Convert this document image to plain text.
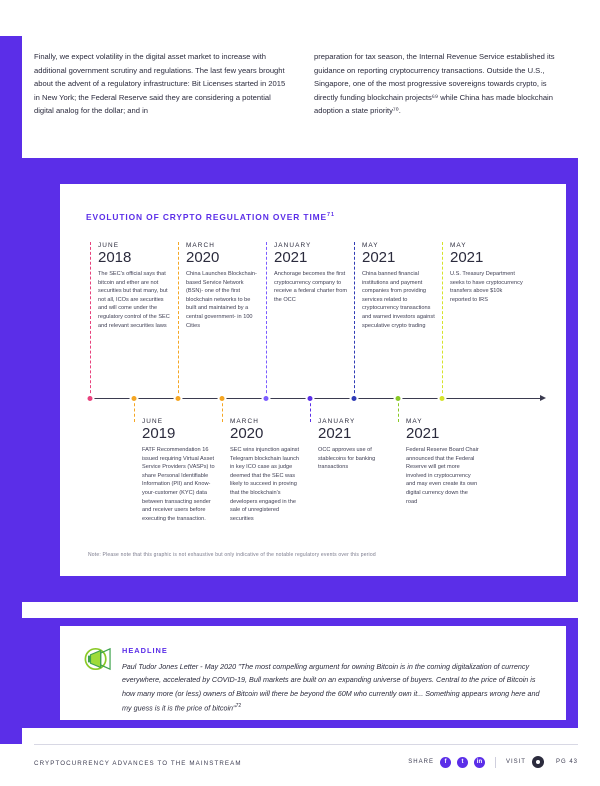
Finally, we expect volatility in the digital asset market to increase with additional government scrutiny and regulations. The last few years brought about the advent of a regulatory infrastructure: Bit Licenses started in 2015 in New York; the Federal Reserve said they are considering a potential digital analog for the dollar; and in

preparation for tax season, the Internal Revenue Service established its guidance on reporting cryptocurrency transactions. Outside the U.S., Singapore, one of the most progressive sovereigns towards crypto, is directly funding blockchain projects⁶⁹ while China has made blockchain adoption a state priority⁷⁰.

EVOLUTION OF CRYPTO REGULATION OVER TIME$^{71}$
JUNE
2018
The SEC's official says that bitcoin and ether are not securities but that many, but not all, ICOs are securities and will come under the regulatory control of the SEC and relevant securities laws
MARCH
2020
China Launches Blockchain-based Service Network (BSN)- one of the first blockchain networks to be built and maintained by a central government- in 100 Cities
JANUARY
2021
Anchorage becomes the first cryptocurrency company to receive a federal charter from the OCC
MAY
2021
China banned financial institutions and payment companies from providing services related to cryptocurrency transactions and warned investors against speculative crypto trading
MAY
2021
U.S. Treasury Department seeks to have cryptocurrency transfers above $10k reported to IRS
JUNE
2019
FATF Recommendation 16 issued requiring Virtual Asset Service Providers (VASPs) to share Personal Identifiable Information (PII) and Know-your-customer (KYC) data between transacting sender and receiver users before executing the transaction.
MARCH
2020
SEC wins injunction against Telegram blockchain launch in key ICO case as judge deemed that the SEC was likely to succeed in proving that the blockchain's developers engaged in the sale of unregistered securities
JANUARY
2021
OCC approves use of stablecoins for banking transactions
MAY
2021
Federal Reserve Board Chair announced that the Federal Reserve will get more involved in cryptocurrency and may even create its own digital currency down the road
Note: Please note that this graphic is not exhaustive but only indicative of the notable regulatory events over this period
HEADLINE
Paul Tudor Jones Letter - May 2020 "The most compelling argument for owning Bitcoin is in the coming digitalization of currency everywhere, accelerated by COVID-19, Bull markets are built on an expanding universe of buyers. Central to the price of Bitcoin is how many more (or less) owners of Bitcoin will there be beyond the 60M who currently own it... Something appears wrong here and my guess is it is the price of bitcoin"$^{72}$
CRYPTOCURRENCY ADVANCES TO THE MAINSTREAM	SHARE	f	t	in	VISIT	PG 43
